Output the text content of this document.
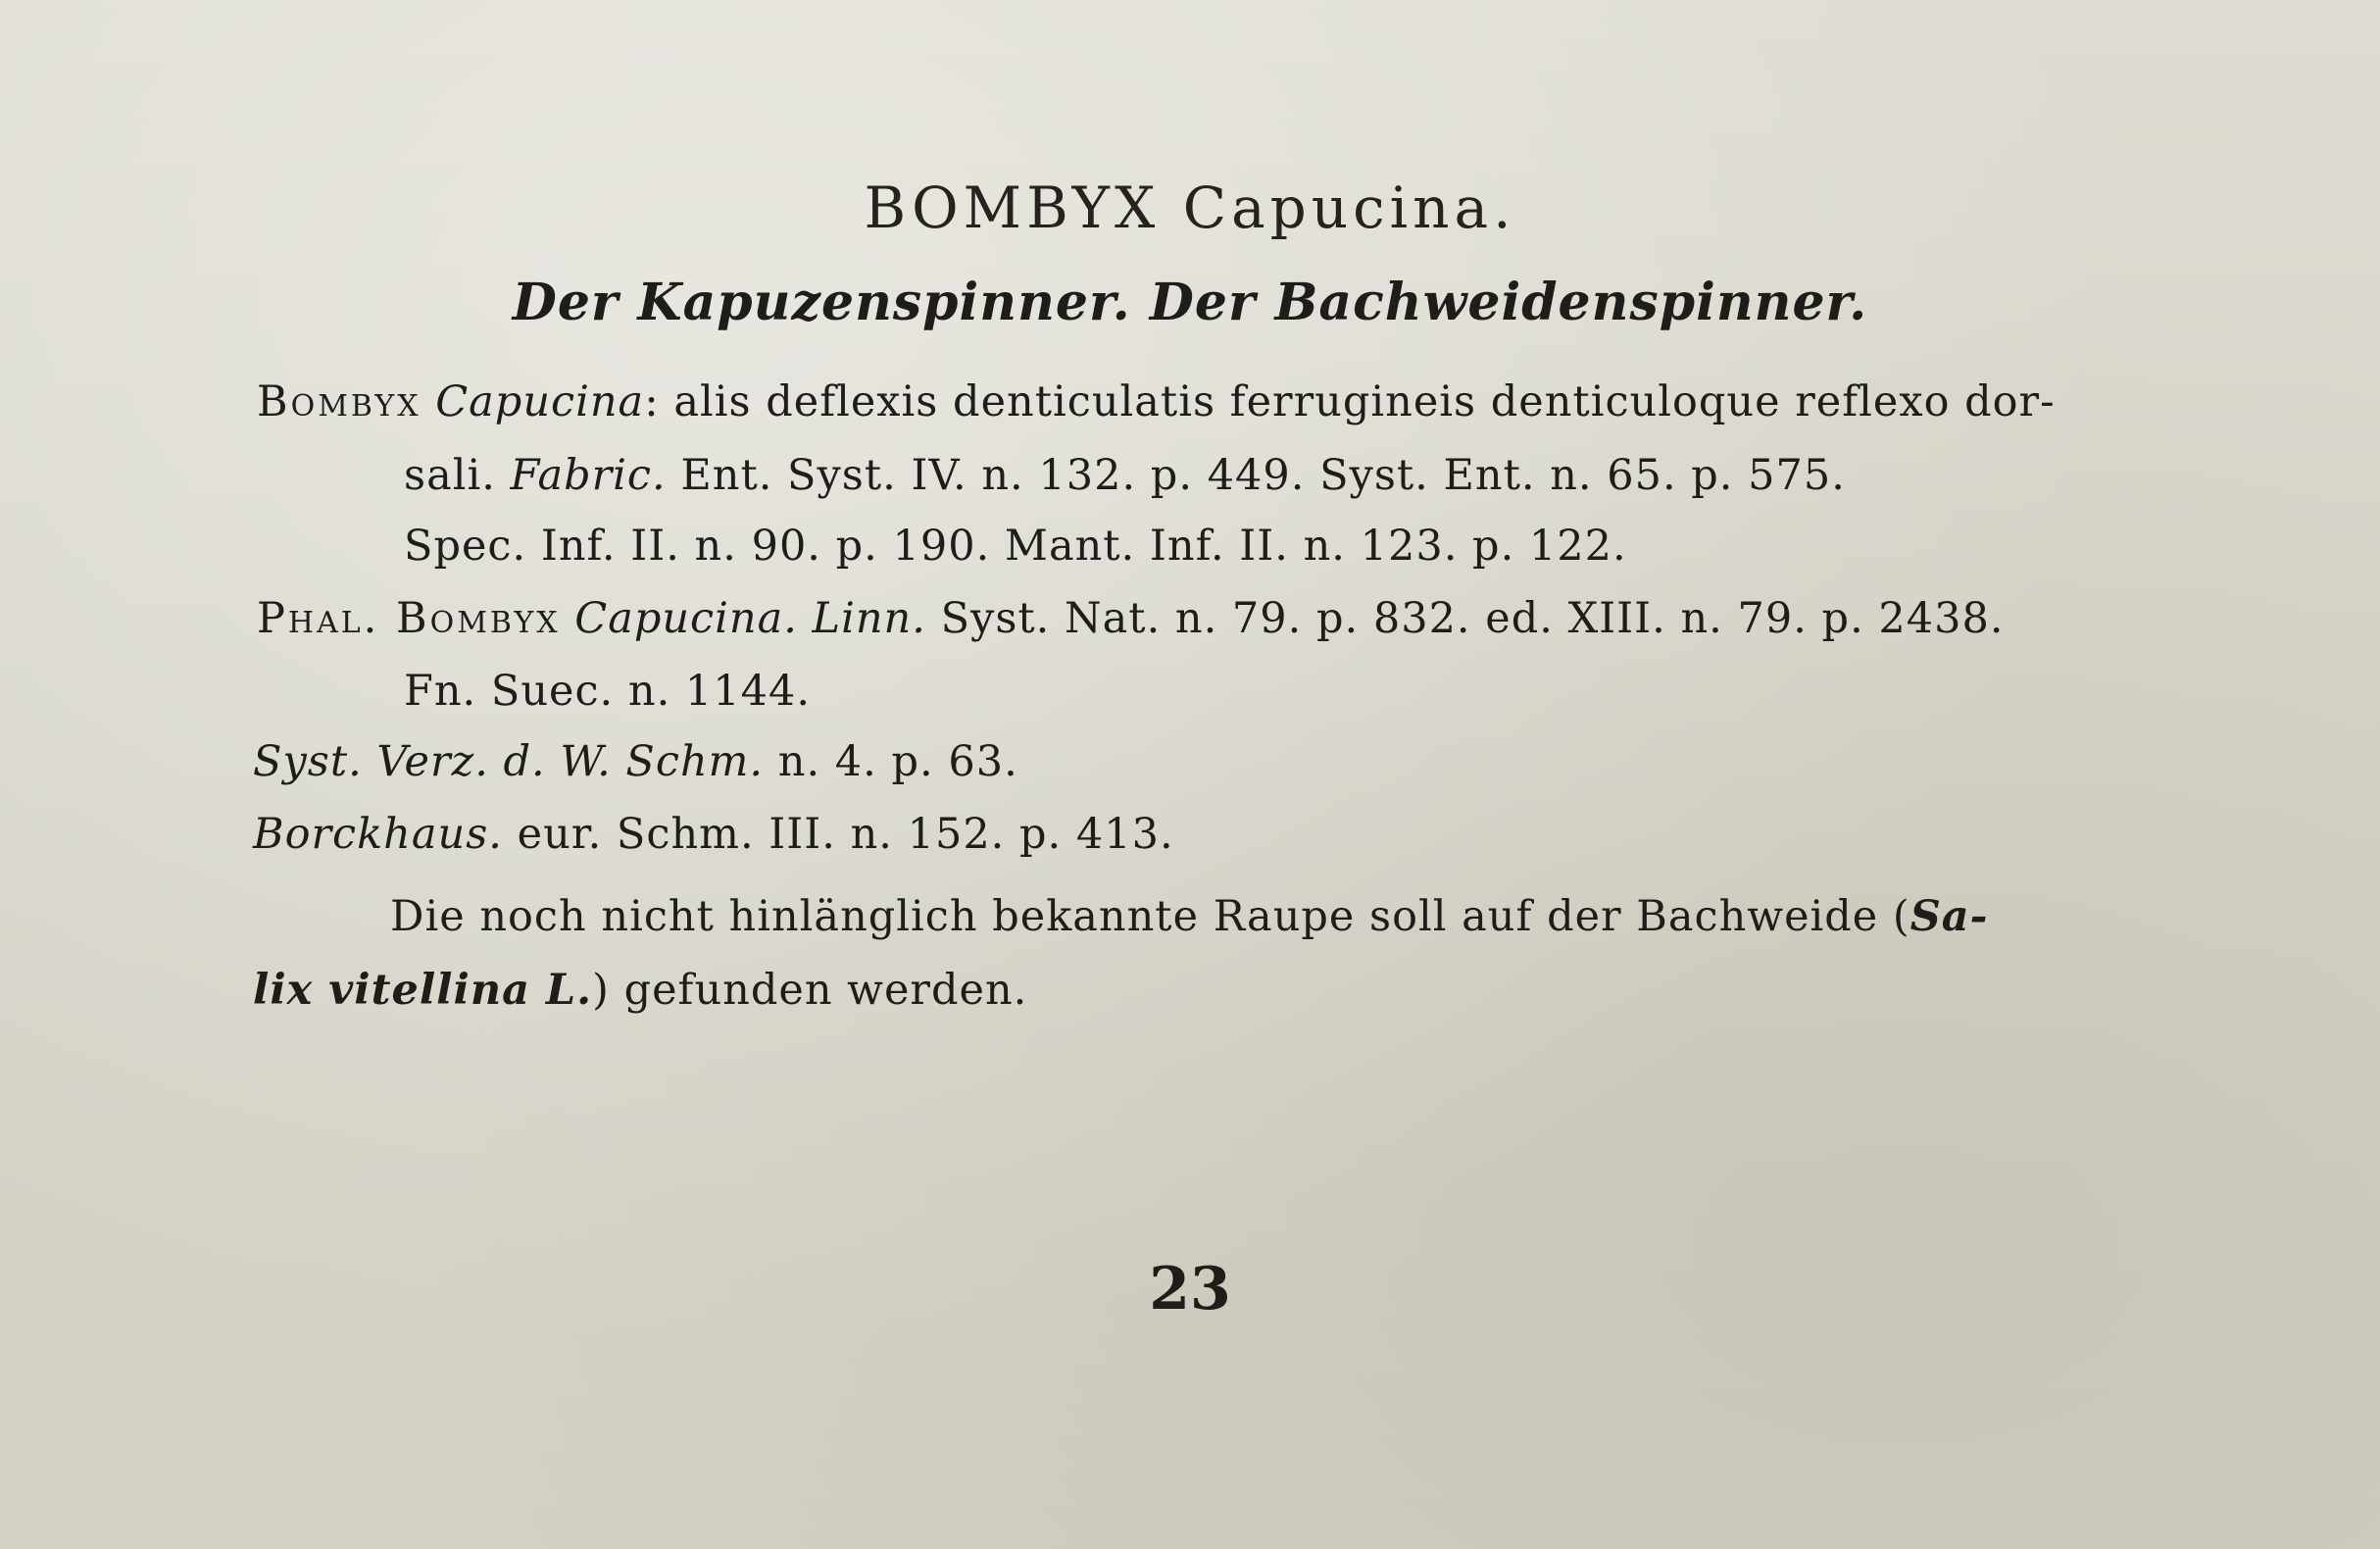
BOMBYX Capucina.
Der Kapuzenspinner. Der Bachweidenspinner.
Bombyx Capucina: alis deflexis denticulatis ferrugineis denticuloque reflexo dor-
sali. Fabric. Ent. Syst. IV. n. 132. p. 449. Syst. Ent. n. 65. p. 575.
Spec. Inf. II. n. 90. p. 190. Mant. Inf. II. n. 123. p. 122.
Phal. Bombyx Capucina. Linn. Syst. Nat. n. 79. p. 832. ed. XIII. n. 79. p. 2438.
Fn. Suec. n. 1144.
Syst. Verz. d. W. Schm. n. 4. p. 63.
Borckhaus. eur. Schm. III. n. 152. p. 413.
Die noch nicht hinlänglich bekannte Raupe soll auf der Bachweide (Sa-
lix vitellina L.) gefunden werden.
23
